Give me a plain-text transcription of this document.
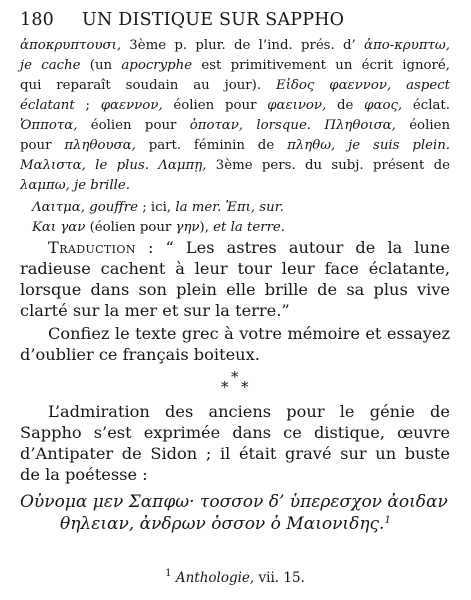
180 UN DISTIQUE SUR SAPPHO
ἀποκρυπτουσι, 3ème p. plur. de l’ind. prés. d’ ἀπο-κρυπτω,
je cache (un apocryphe est primitivement un écrit ignoré,
qui reparaît soudain au jour). Εἰδος φαεννον, aspect
éclatant ; φαεννον, éolien pour φαεινον, de φαος, éclat.
Ὁπποτα, éolien pour ὁποταν, lorsque. Πληθοισα, éolien
pour πληθουσα, part. féminin de πληθω, je suis plein.
Μαλιστα, le plus. Λαμπῃ, 3ème pers. du subj. présent de
λαμπω, je brille.
Λαιτμα, gouffre ; ici, la mer. Ἐπι, sur.
Και γαν (éolien pour γην), et la terre.
Traduction : “ Les astres autour de la lune
radieuse cachent à leur tour leur face éclatante,
lorsque dans son plein elle brille de sa plus vive
clarté sur la mer et sur la terre.”
Confiez le texte grec à votre mémoire et essayez
d’oublier ce français boiteux.
*
* *
L’admiration des anciens pour le génie de
Sappho s’est exprimée dans ce distique, œuvre
d’Antipater de Sidon ; il était gravé sur un buste
de la poétesse :
Οὐνομα μεν Σαπφω· τοσσον δ’ ὑπερεσχον ἀοιδαν
θηλειαν, ἀνδρων ὁσσον ὁ Μαιονιδης.$^1$
$^1$ Anthologie, vii. 15.
